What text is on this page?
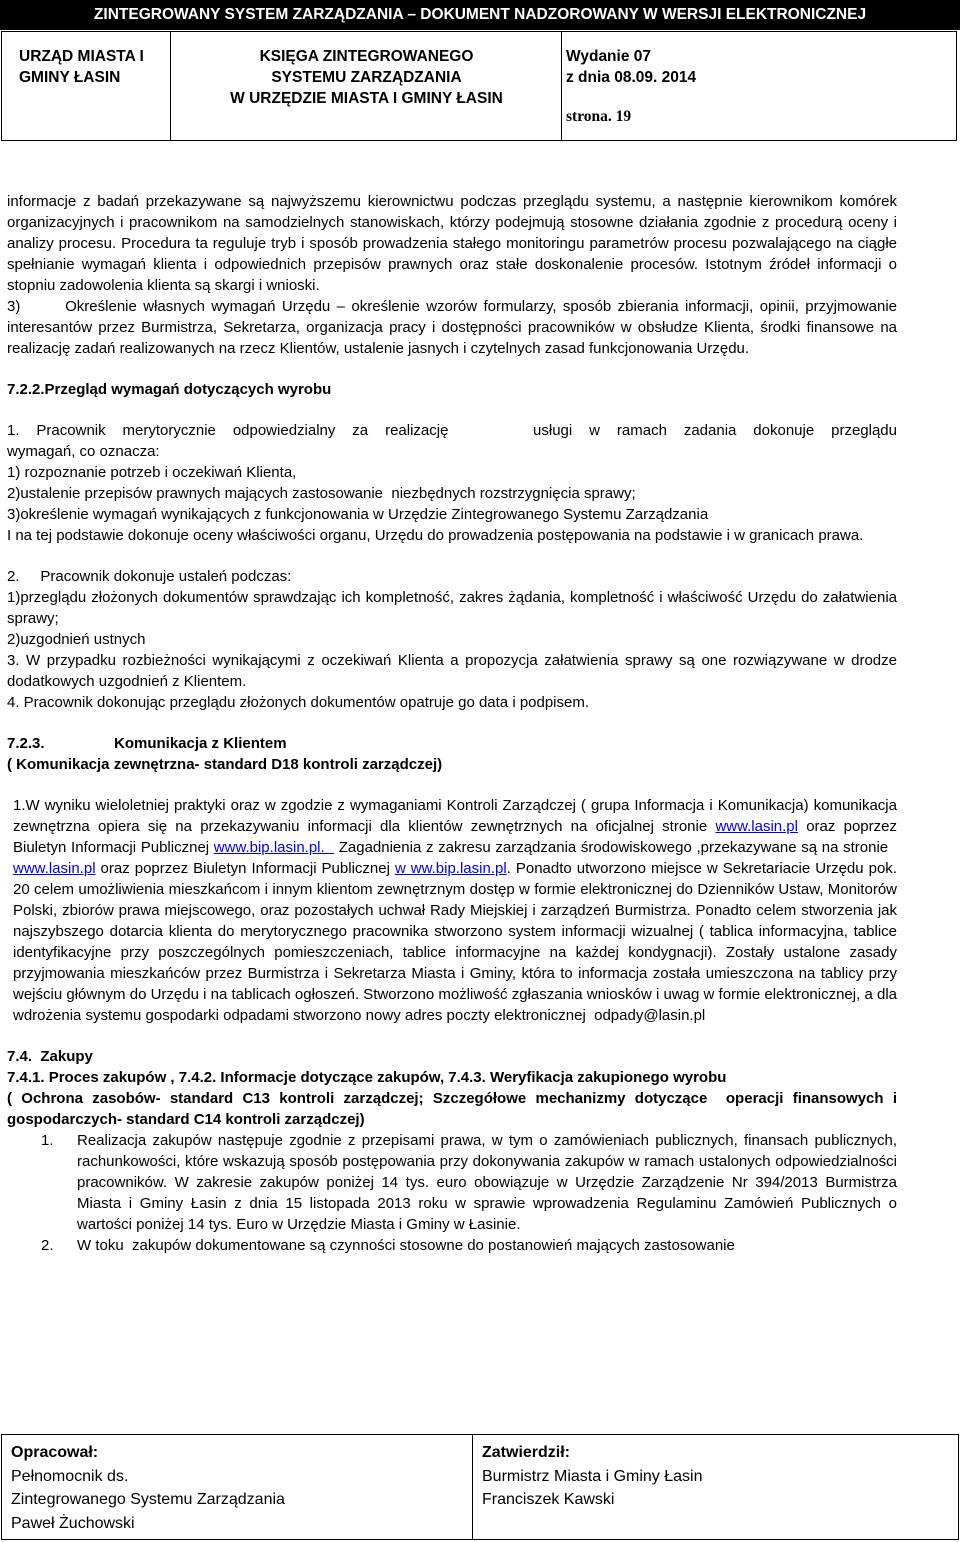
ZINTEGROWANY SYSTEM ZARZĄDZANIA – DOKUMENT NADZOROWANY W WERSJI ELEKTRONICZNEJ
URZĄD MIASTA I
GMINY ŁASIN

KSIĘGA ZINTEGROWANEGO
SYSTEMU ZARZĄDZANIA
W URZĘDZIE MIASTA I GMINY ŁASIN

Wydanie 07
z dnia 08.09. 2014
strona. 19

informacje z badań przekazywane są najwyższemu kierownictwu podczas przeglądu systemu, a następnie kierownikom komórek organizacyjnych i pracownikom na samodzielnych stanowiskach, którzy podejmują stosowne działania zgodnie z procedurą oceny i analizy procesu. Procedura ta reguluje tryb i sposób prowadzenia stałego monitoringu parametrów procesu pozwalającego na ciągłe spełnianie wymagań klienta i odpowiednich przepisów prawnych oraz stałe doskonalenie procesów. Istotnym źródeł informacji o stopniu zadowolenia klienta są skargi i wnioski.

3)       Określenie własnych wymagań Urzędu – określenie wzorów formularzy, sposób zbierania informacji, opinii, przyjmowanie interesantów przez Burmistrza, Sekretarza, organizacja pracy i dostępności pracowników w obsłudze Klienta, środki finansowe na realizację zadań realizowanych na rzecz Klientów, ustalenie jasnych i czytelnych zasad funkcjonowania Urzędu.

7.2.2.Przegląd wymagań dotyczących wyrobu

1. Pracownik merytorycznie odpowiedzialny za realizację     usługi w ramach zadania dokonuje przeglądu

wymagań, co oznacza:

1) rozpoznanie potrzeb i oczekiwań Klienta,

2)ustalenie przepisów prawnych mających zastosowanie  niezbędnych rozstrzygnięcia sprawy;

3)określenie wymagań wynikających z funkcjonowania w Urzędzie Zintegrowanego Systemu Zarządzania

I na tej podstawie dokonuje oceny właściwości organu, Urzędu do prowadzenia postępowania na podstawie i w granicach prawa.

2.     Pracownik dokonuje ustaleń podczas:

1)przeglądu złożonych dokumentów sprawdzając ich kompletność, zakres żądania, kompletność i właściwość Urzędu do załatwienia sprawy;

2)uzgodnień ustnych

3. W przypadku rozbieżności wynikającymi z oczekiwań Klienta a propozycja załatwienia sprawy są one rozwiązywane w drodze dodatkowych uzgodnień z Klientem.

4. Pracownik dokonując przeglądu złożonych dokumentów opatruje go data i podpisem.

7.2.3.	Komunikacja z Klientem

( Komunikacja zewnętrzna- standard D18 kontroli zarządczej)

1.W wyniku wieloletniej praktyki oraz w zgodzie z wymaganiami Kontroli Zarządczej ( grupa Informacja i Komunikacja) komunikacja zewnętrzna opiera się na przekazywaniu informacji dla klientów zewnętrznych na oficjalnej stronie www.lasin.pl oraz poprzez Biuletyn Informacji Publicznej www.bip.lasin.pl.   Zagadnienia z zakresu zarządzania środowiskowego ,przekazywane są na stronie   www.lasin.pl oraz poprzez Biuletyn Informacji Publicznej w ww.bip.lasin.pl. Ponadto utworzono miejsce w Sekretariacie Urzędu pok. 20 celem umożliwienia mieszkańcom i innym klientom zewnętrznym dostęp w formie elektronicznej do Dzienników Ustaw, Monitorów Polski, zbiorów prawa miejscowego, oraz pozostałych uchwał Rady Miejskiej i zarządzeń Burmistrza. Ponadto celem stworzenia jak najszybszego dotarcia klienta do merytorycznego pracownika stworzono system informacji wizualnej ( tablica informacyjna, tablice identyfikacyjne przy poszczególnych pomieszczeniach, tablice informacyjne na każdej kondygnacji). Zostały ustalone zasady przyjmowania mieszkańców przez Burmistrza i Sekretarza Miasta i Gminy, która to informacja została umieszczona na tablicy przy wejściu głównym do Urzędu i na tablicach ogłoszeń. Stworzono możliwość zgłaszania wniosków i uwag w formie elektronicznej, a dla wdrożenia systemu gospodarki odpadami stworzono nowy adres poczty elektronicznej  odpady@lasin.pl

7.4.  Zakupy

7.4.1. Proces zakupów , 7.4.2. Informacje dotyczące zakupów, 7.4.3. Weryfikacja zakupionego wyrobu

( Ochrona zasobów- standard C13 kontroli zarządczej; Szczegółowe mechanizmy dotyczące  operacji finansowych i gospodarczych- standard C14 kontroli zarządczej)

1.	Realizacja zakupów następuje zgodnie z przepisami prawa, w tym o zamówieniach publicznych, finansach publicznych, rachunkowości, które wskazują sposób postępowania przy dokonywania zakupów w ramach ustalonych odpowiedzialności pracowników. W zakresie zakupów poniżej 14 tys. euro obowiązuje w Urzędzie Zarządzenie Nr 394/2013 Burmistrza Miasta i Gminy Łasin z dnia 15 listopada 2013 roku w sprawie wprowadzenia Regulaminu Zamówień Publicznych o wartości poniżej 14 tys. Euro w Urzędzie Miasta i Gminy w Łasinie.
2.	W toku  zakupów dokumentowane są czynności stosowne do postanowień mających zastosowanie
Opracował:
Pełnomocnik ds.
Zintegrowanego Systemu Zarządzania
Paweł Żuchowski

Zatwierdził:
Burmistrz Miasta i Gminy Łasin
Franciszek Kawski
